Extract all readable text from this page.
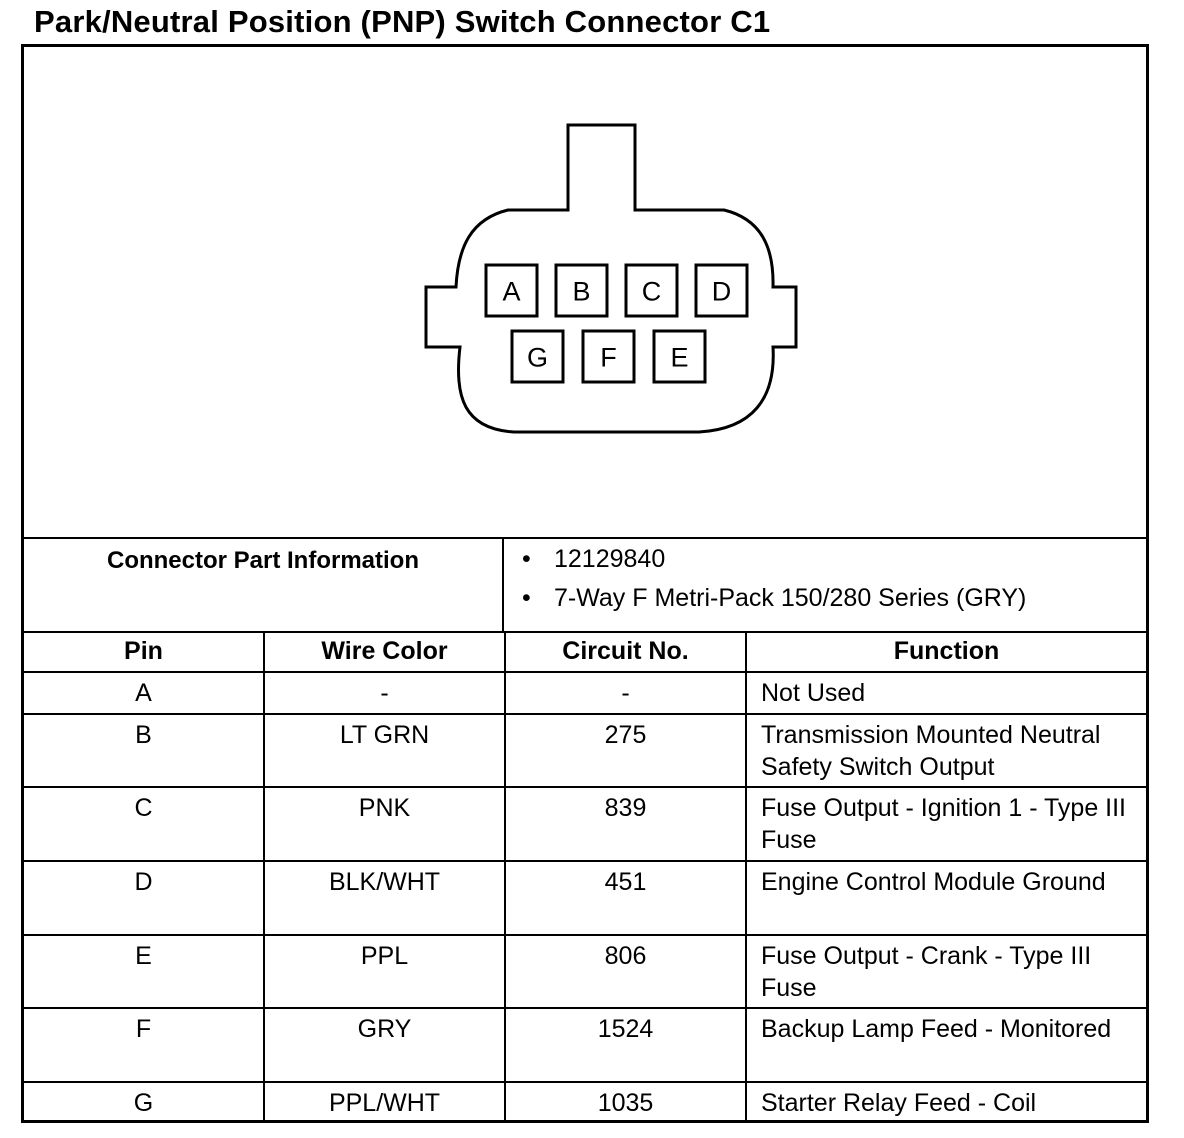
Park/Neutral Position (PNP) Switch Connector C1
A B C D
G F E
Connector Part Information	• 12129840
• 7-Way F Metri-Pack 150/280 Series (GRY)
Pin	Wire Color	Circuit No.	Function
A	-	-	Not Used
B	LT GRN	275	Transmission Mounted Neutral Safety Switch Output
C	PNK	839	Fuse Output - Ignition 1 - Type III Fuse
D	BLK/WHT	451	Engine Control Module Ground
E	PPL	806	Fuse Output - Crank - Type III Fuse
F	GRY	1524	Backup Lamp Feed - Monitored
G	PPL/WHT	1035	Starter Relay Feed - Coil
